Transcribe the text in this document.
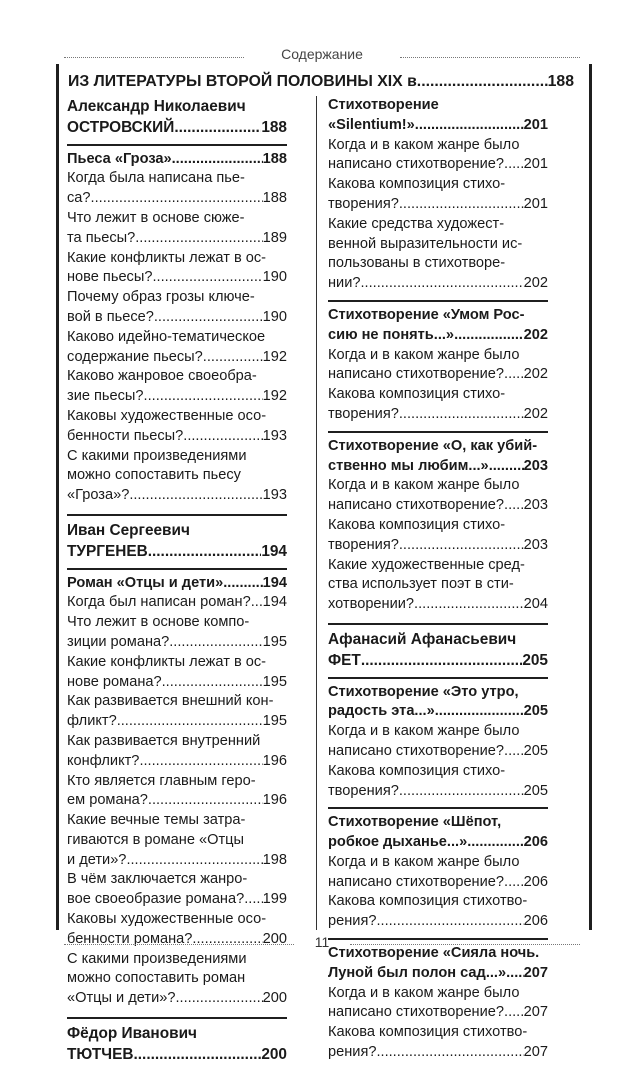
Содержание
ИЗ ЛИТЕРАТУРЫ ВТОРОЙ ПОЛОВИНЫ XIX в. .....	188
Александр Николаевич
ОСТРОВСКИЙ .....	188
Пьеса «Гроза» .....	188
Когда была написана пье-
са? .....	188
Что лежит в основе сюже-
та пьесы? .....	189
Какие конфликты лежат в ос-
нове пьесы? .....	190
Почему образ грозы ключе-
вой в пьесе? .....	190
Каково идейно-тематическое
содержание пьесы? .....	192
Каково жанровое своеобра-
зие пьесы? .....	192
Каковы художественные осо-
бенности пьесы? .....	193
С какими произведениями
можно сопоставить пьесу
«Гроза»? .....	193
Иван Сергеевич
ТУРГЕНЕВ .....	194
Роман «Отцы и дети» .....	194
Когда был написан роман? ..... 194
Что лежит в основе компо-
зиции романа? .....	195
Какие конфликты лежат в ос-
нове романа? .....	195
Как развивается внешний кон-
фликт? .....	195
Как развивается внутренний
конфликт? .....	196
Кто является главным геро-
ем романа? .....	196
Какие вечные темы затра-
гиваются в романе «Отцы
и дети»? .....	198
В чём заключается жанро-
вое своеобразие романа? ..... 199
Каковы художественные осо-
бенности романа? .....	200
С какими произведениями
можно сопоставить роман
«Отцы и дети»? .....	200
Фёдор Иванович
ТЮТЧЕВ .....	200
Стихотворение
«Silentium!» .....	201
Когда и в каком жанре было
написано стихотворение? ..... 201
Какова композиция стихо-
творения? .....	201
Какие средства художест-
венной выразительности ис-
пользованы в стихотворе-
нии? .....	202
Стихотворение «Умом Рос-
сию не понять...» .....	202
Когда и в каком жанре было
написано стихотворение? ..... 202
Какова композиция стихо-
творения? .....	202
Стихотворение «О, как убий-
ственно мы любим...» ..... 203
Когда и в каком жанре было
написано стихотворение? ..... 203
Какова композиция стихо-
творения? .....	203
Какие художественные сред-
ства использует поэт в сти-
хотворении? .....	204
Афанасий Афанасьевич
ФЕТ .....	205
Стихотворение «Это утро,
радость эта...» .....	205
Когда и в каком жанре было
написано стихотворение? ..... 205
Какова композиция стихо-
творения? .....	205
Стихотворение «Шёпот,
робкое дыханье...» .....	206
Когда и в каком жанре было
написано стихотворение? ..... 206
Какова композиция стихотво-
рения? .....	206
Стихотворение «Сияла ночь.
Луной был полон сад...» ..... 207
Когда и в каком жанре было
написано стихотворение? ..... 207
Какова композиция стихотво-
рения? .....	207
11
